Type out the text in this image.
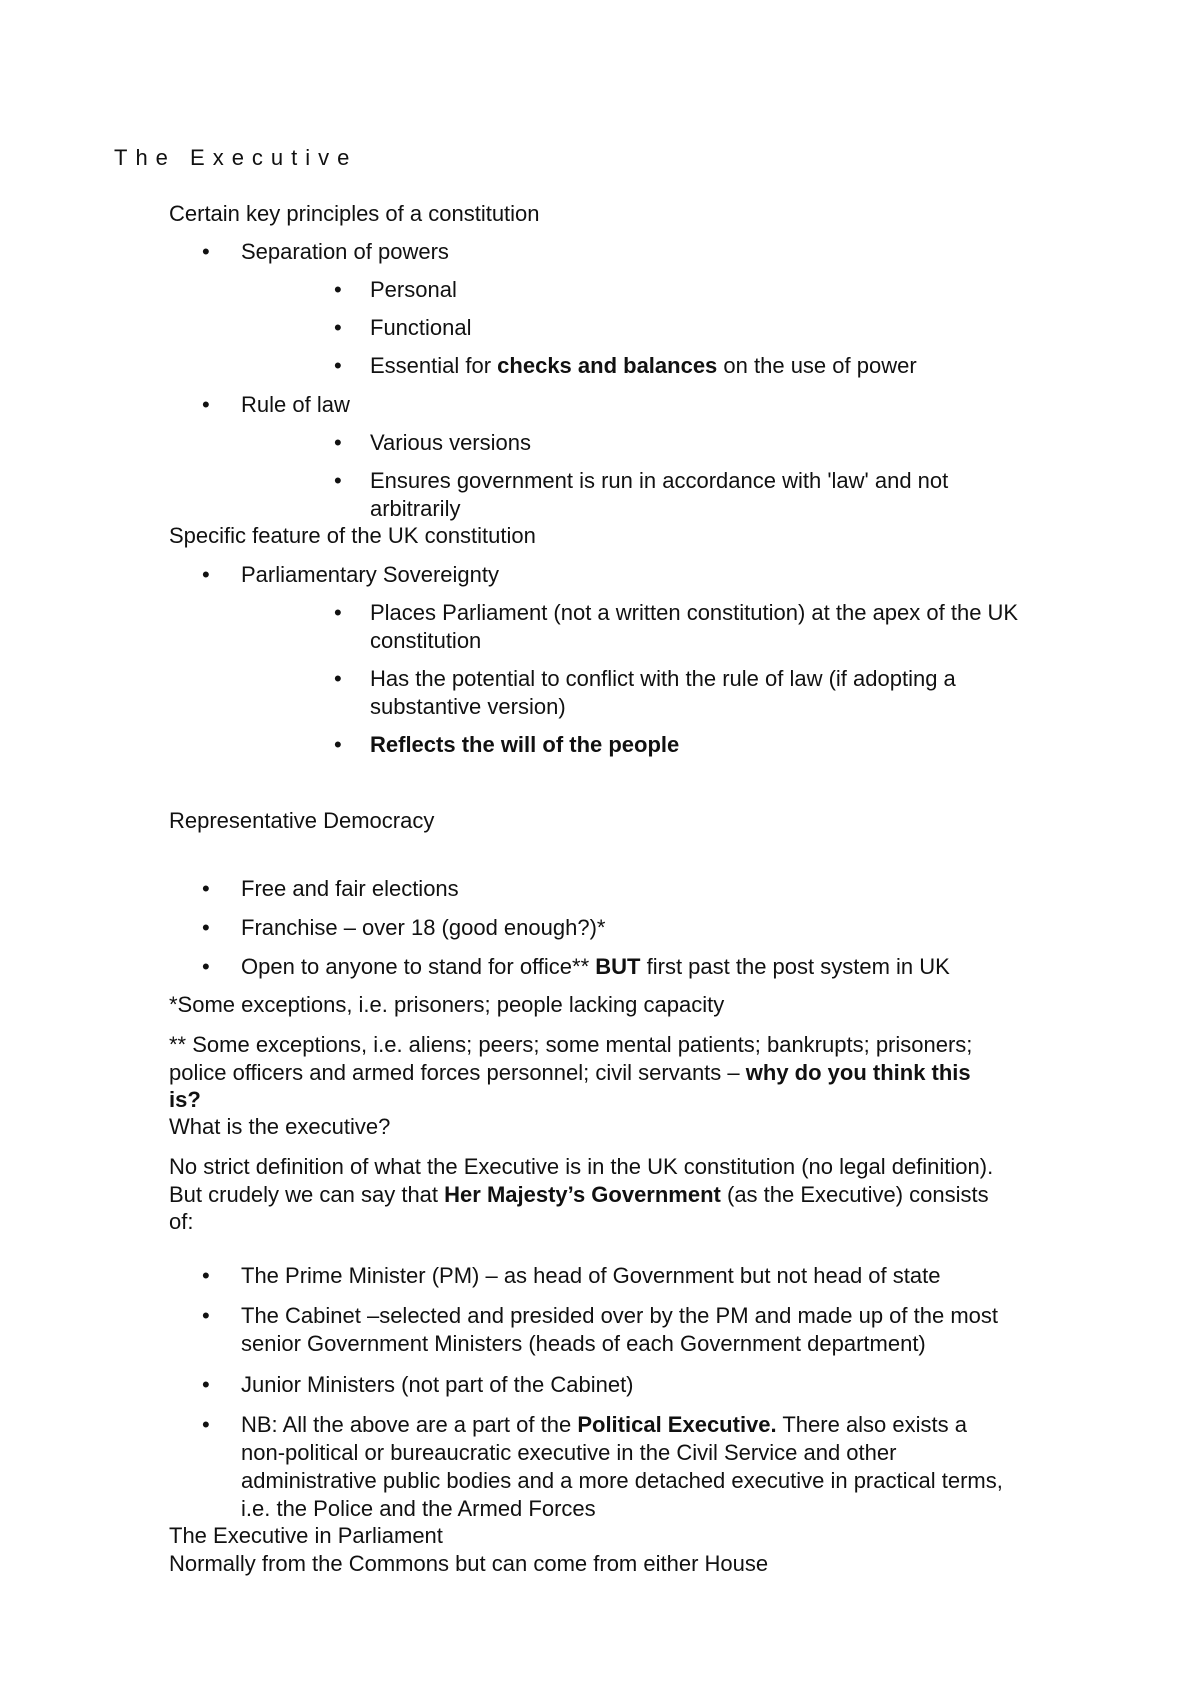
The Executive

Certain key principles of a constitution

• Separation of powers

• Personal

• Functional

• Essential for checks and balances on the use of power

• Rule of law

• Various versions

• Ensures government is run in accordance with 'law' and not

arbitrarily

Specific feature of the UK constitution

• Parliamentary Sovereignty

• Places Parliament (not a written constitution) at the apex of the UK

constitution

• Has the potential to conflict with the rule of law (if adopting a

substantive version)

• Reflects the will of the people

Representative Democracy

• Free and fair elections

• Franchise – over 18 (good enough?)*

• Open to anyone to stand for office** BUT first past the post system in UK

*Some exceptions, i.e. prisoners; people lacking capacity

** Some exceptions, i.e. aliens; peers; some mental patients; bankrupts; prisoners;

police officers and armed forces personnel; civil servants – why do you think this

is?

What is the executive?

No strict definition of what the Executive is in the UK constitution (no legal definition).

But crudely we can say that Her Majesty’s Government (as the Executive) consists

of:

• The Prime Minister (PM) – as head of Government but not head of state

• The Cabinet –selected and presided over by the PM and made up of the most

senior Government Ministers (heads of each Government department)

• Junior Ministers (not part of the Cabinet)

• NB: All the above are a part of the Political Executive. There also exists a

non-political or bureaucratic executive in the Civil Service and other

administrative public bodies and a more detached executive in practical terms,

i.e. the Police and the Armed Forces

The Executive in Parliament

Normally from the Commons but can come from either House
